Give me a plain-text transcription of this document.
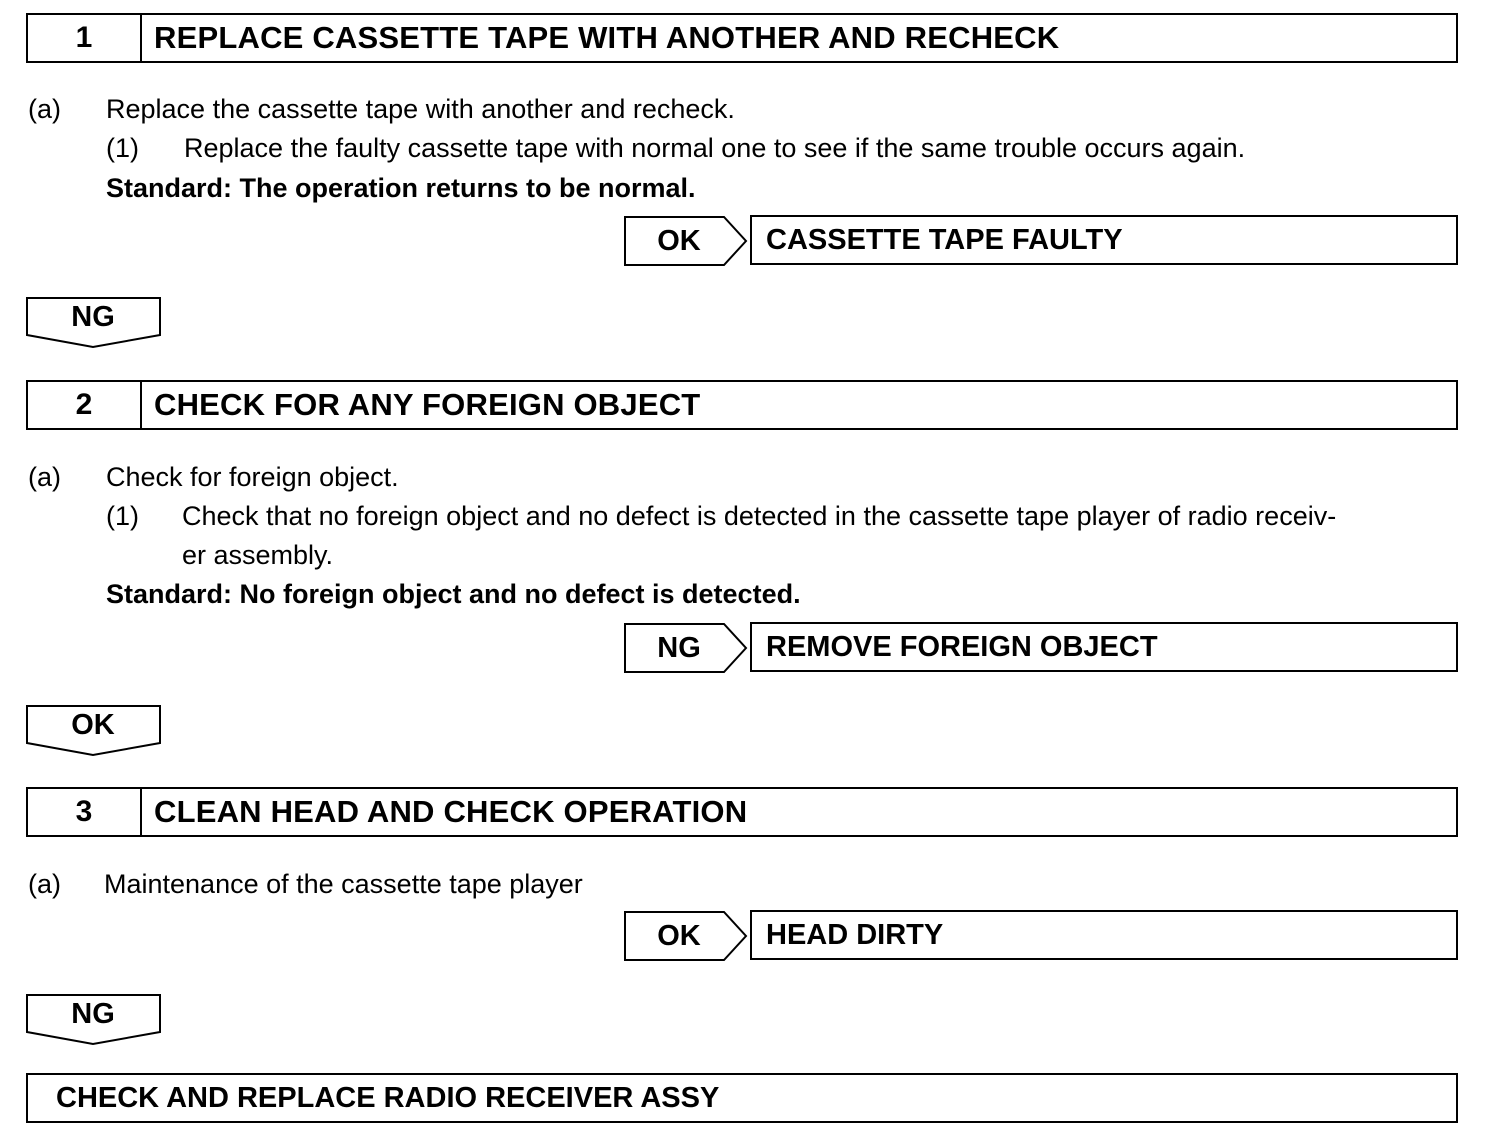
1	REPLACE CASSETTE TAPE WITH ANOTHER AND RECHECK
(a) Replace the cassette tape with another and recheck.
(1) Replace the faulty cassette tape with normal one to see if the same trouble occurs again.
Standard: The operation returns to be normal.
OK	CASSETTE TAPE FAULTY
NG
2	CHECK FOR ANY FOREIGN OBJECT
(a) Check for foreign object.
(1) Check that no foreign object and no defect is detected in the cassette tape player of radio receiv-
er assembly.
Standard: No foreign object and no defect is detected.
NG	REMOVE FOREIGN OBJECT
OK
3	CLEAN HEAD AND CHECK OPERATION
(a) Maintenance of the cassette tape player
OK	HEAD DIRTY
NG
CHECK AND REPLACE RADIO RECEIVER ASSY
